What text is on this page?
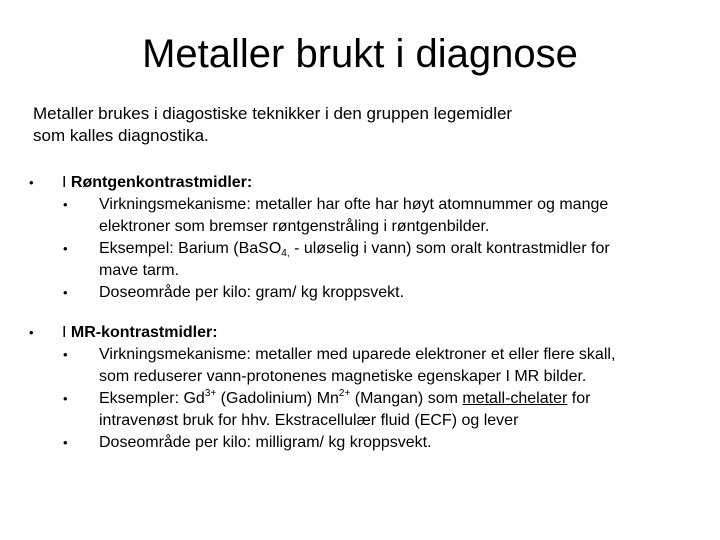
Metaller brukt i diagnose
Metaller brukes i diagostiske teknikker i den gruppen legemidler
som kalles diagnostika.
• I Røntgenkontrastmidler:
• Virkningsmekanisme: metaller har ofte har høyt atomnummer og mange
elektroner som bremser røntgenstråling i røntgenbilder.
• Eksempel: Barium (BaSO$_{4,}$ - uløselig i vann) som oralt kontrastmidler for
mave tarm.
• Doseområde per kilo: gram/ kg kroppsvekt.
• I MR-kontrastmidler:
• Virkningsmekanisme: metaller med uparede elektroner et eller flere skall,
som reduserer vann-protonenes magnetiske egenskaper I MR bilder.
• Eksempler: $Gd^{3+}$ (Gadolinium) $Mn^{2+}$ (Mangan) som metall-chelater for
intravenøst bruk for hhv. Ekstracellulær fluid (ECF) og lever
• Doseområde per kilo: milligram/ kg kroppsvekt.
